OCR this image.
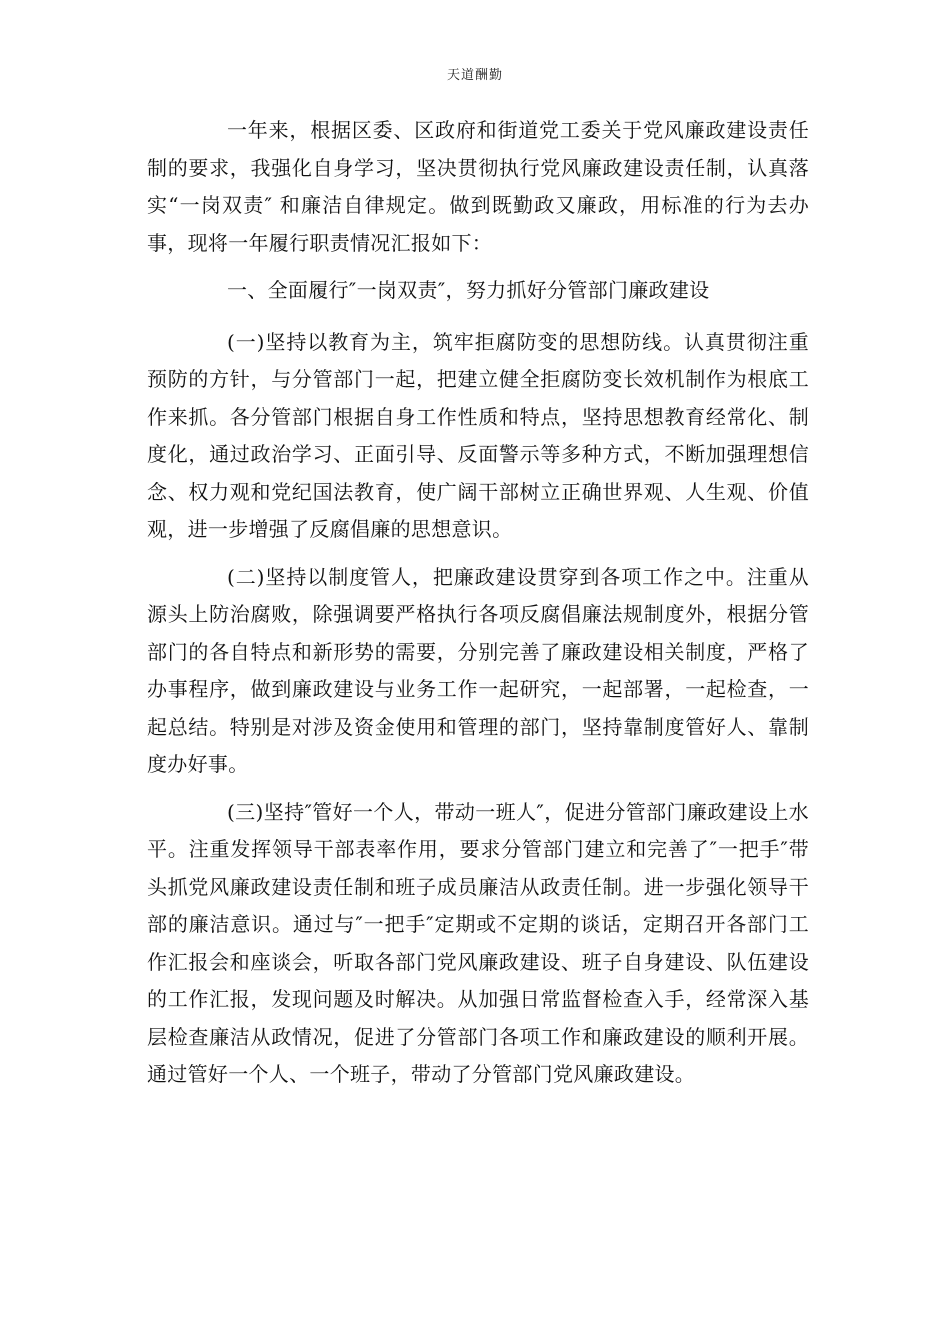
天道酬勤

一年来，根据区委、区政府和街道党工委关于党风廉政建设责任制的要求，我强化自身学习，坚决贯彻执行党风廉政建设责任制，认真落实“一岗双责″ 和廉洁自律规定。做到既勤政又廉政，用标准的行为去办事，现将一年履行职责情况汇报如下：

一、全面履行″一岗双责″，努力抓好分管部门廉政建设

(一)坚持以教育为主，筑牢拒腐防变的思想防线。认真贯彻注重预防的方针，与分管部门一起，把建立健全拒腐防变长效机制作为根底工作来抓。各分管部门根据自身工作性质和特点，坚持思想教育经常化、制度化，通过政治学习、正面引导、反面警示等多种方式，不断加强理想信念、权力观和党纪国法教育，使广阔干部树立正确世界观、人生观、价值观，进一步增强了反腐倡廉的思想意识。

(二)坚持以制度管人，把廉政建设贯穿到各项工作之中。注重从源头上防治腐败，除强调要严格执行各项反腐倡廉法规制度外，根据分管部门的各自特点和新形势的需要，分别完善了廉政建设相关制度，严格了办事程序，做到廉政建设与业务工作一起研究，一起部署，一起检查，一起总结。特别是对涉及资金使用和管理的部门，坚持靠制度管好人、靠制度办好事。

(三)坚持″管好一个人，带动一班人″，促进分管部门廉政建设上水平。注重发挥领导干部表率作用，要求分管部门建立和完善了″一把手″带头抓党风廉政建设责任制和班子成员廉洁从政责任制。进一步强化领导干部的廉洁意识。通过与″一把手″定期或不定期的谈话，定期召开各部门工作汇报会和座谈会，听取各部门党风廉政建设、班子自身建设、队伍建设的工作汇报，发现问题及时解决。从加强日常监督检查入手，经常深入基层检查廉洁从政情况，促进了分管部门各项工作和廉政建设的顺利开展。通过管好一个人、一个班子，带动了分管部门党风廉政建设。
